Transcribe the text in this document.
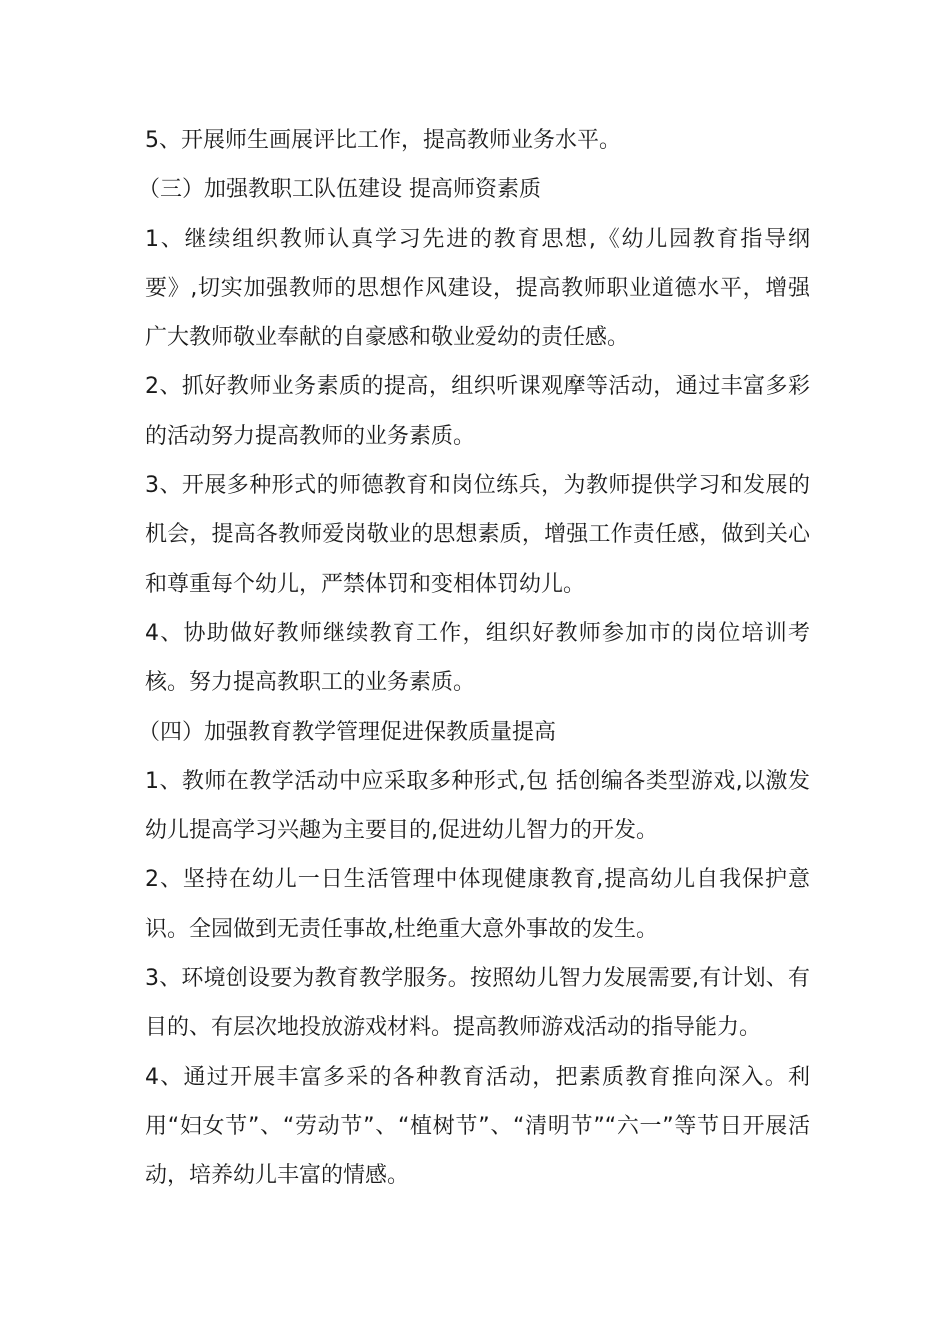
5、开展师生画展评比工作，提高教师业务水平。

（三）加强教职工队伍建设 提高师资素质

1、继续组织教师认真学习先进的教育思想,《幼儿园教育指导纲要》,切实加强教师的思想作风建设，提高教师职业道德水平，增强广大教师敬业奉献的自豪感和敬业爱幼的责任感。

2、抓好教师业务素质的提高，组织听课观摩等活动，通过丰富多彩的活动努力提高教师的业务素质。

3、开展多种形式的师德教育和岗位练兵，为教师提供学习和发展的机会，提高各教师爱岗敬业的思想素质，增强工作责任感，做到关心和尊重每个幼儿，严禁体罚和变相体罚幼儿。

4、协助做好教师继续教育工作，组织好教师参加市的岗位培训考核。努力提高教职工的业务素质。

（四）加强教育教学管理促进保教质量提高

1、教师在教学活动中应采取多种形式,包 括创编各类型游戏,以激发幼儿提高学习兴趣为主要目的,促进幼儿智力的开发。

2、坚持在幼儿一日生活管理中体现健康教育,提高幼儿自我保护意识。全园做到无责任事故,杜绝重大意外事故的发生。

3、环境创设要为教育教学服务。按照幼儿智力发展需要,有计划、有目的、有层次地投放游戏材料。提高教师游戏活动的指导能力。

4、通过开展丰富多采的各种教育活动，把素质教育推向深入。利用“妇女节”、“劳动节”、“植树节”、“清明节”“六一”等节日开展活动，培养幼儿丰富的情感。
